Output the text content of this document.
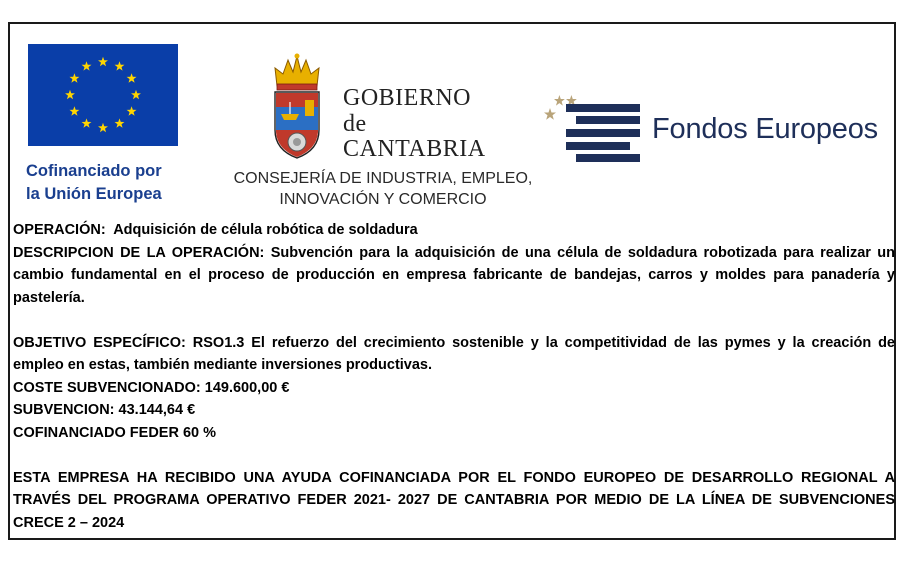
Cofinanciado por
la Unión Europea
GOBIERNO
de
CANTABRIA
CONSEJERÍA DE INDUSTRIA, EMPLEO,
INNOVACIÓN Y COMERCIO
Fondos Europeos

OPERACIÓN: Adquisición de célula robótica de soldadura

DESCRIPCION DE LA OPERACIÓN: Subvención para la adquisición de una célula de soldadura robotizada para realizar un cambio fundamental en el proceso de producción en empresa fabricante de bandejas, carros y moldes para panadería y pastelería.

OBJETIVO ESPECÍFICO: RSO1.3 El refuerzo del crecimiento sostenible y la competitividad de las pymes y la creación de empleo en estas, también mediante inversiones productivas.

COSTE SUBVENCIONADO: 149.600,00 €

SUBVENCION: 43.144,64 €

COFINANCIADO FEDER 60 %

ESTA EMPRESA HA RECIBIDO UNA AYUDA COFINANCIADA POR EL FONDO EUROPEO DE DESARROLLO REGIONAL A TRAVÉS DEL PROGRAMA OPERATIVO FEDER 2021- 2027 DE CANTABRIA POR MEDIO DE LA LÍNEA DE SUBVENCIONES CRECE 2 – 2024
